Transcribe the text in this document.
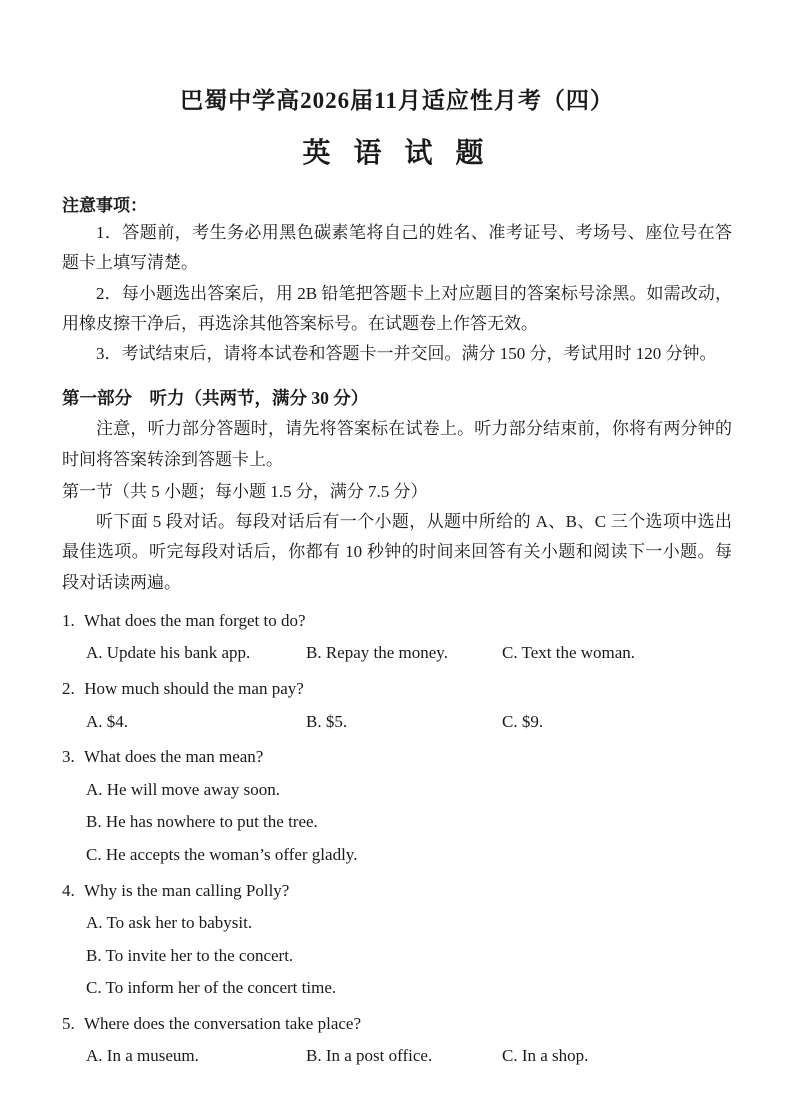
巴蜀中学高2026届11月适应性月考（四）
英 语 试 题

注意事项：

1．答题前，考生务必用黑色碳素笔将自己的姓名、准考证号、考场号、座位号在答题卡上填写清楚。

2．每小题选出答案后，用 2B 铅笔把答题卡上对应题目的答案标号涂黑。如需改动，用橡皮擦干净后，再选涂其他答案标号。在试题卷上作答无效。

3．考试结束后，请将本试卷和答题卡一并交回。满分 150 分，考试用时 120 分钟。

第一部分　听力（共两节，满分 30 分）

注意，听力部分答题时，请先将答案标在试卷上。听力部分结束前，你将有两分钟的时间将答案转涂到答题卡上。

第一节（共 5 小题；每小题 1.5 分，满分 7.5 分）

听下面 5 段对话。每段对话后有一个小题，从题中所给的 A、B、C 三个选项中选出最佳选项。听完每段对话后，你都有 10 秒钟的时间来回答有关小题和阅读下一小题。每段对话读两遍。

1. What does the man forget to do?

A. Update his bank app.	B. Repay the money.	C. Text the woman.

2. How much should the man pay?

A. $4.	B. $5.	C. $9.

3. What does the man mean?

A. He will move away soon.

B. He has nowhere to put the tree.

C. He accepts the woman’s offer gladly.

4. Why is the man calling Polly?

A. To ask her to babysit.

B. To invite her to the concert.

C. To inform her of the concert time.

5. Where does the conversation take place?

A. In a museum.	B. In a post office.	C. In a shop.
